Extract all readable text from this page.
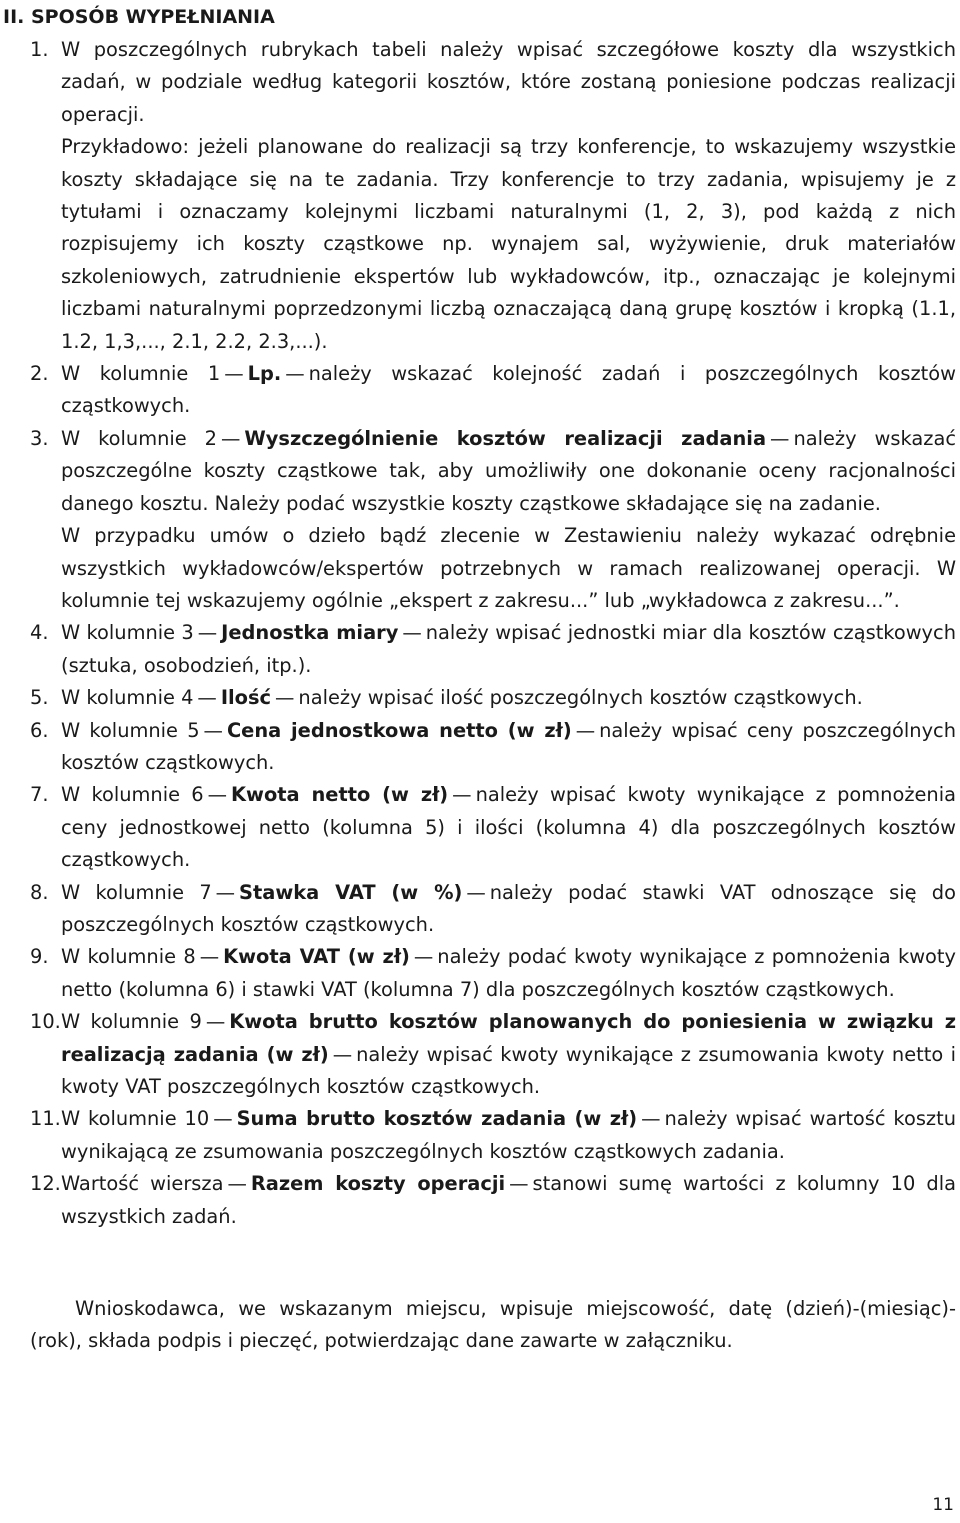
II. SPOSÓB WYPEŁNIANIA
1. W poszczególnych rubrykach tabeli należy wpisać szczegółowe koszty dla wszystkich zadań, w podziale według kategorii kosztów, które zostaną poniesione podczas realizacji operacji.

Przykładowo: jeżeli planowane do realizacji są trzy konferencje, to wskazujemy wszystkie koszty składające się na te zadania. Trzy konferencje to trzy zadania, wpisujemy je z tytułami i oznaczamy kolejnymi liczbami naturalnymi (1, 2, 3), pod każdą z nich rozpisujemy ich koszty cząstkowe np. wynajem sal, wyżywienie, druk materiałów szkoleniowych, zatrudnienie ekspertów lub wykładowców, itp., oznaczając je kolejnymi liczbami naturalnymi poprzedzonymi liczbą oznaczającą daną grupę kosztów i kropką (1.1, 1.2, 1,3,..., 2.1, 2.2, 2.3,...).

2. W kolumnie 1 — Lp. — należy wskazać kolejność zadań i poszczególnych kosztów cząstkowych.

3. W kolumnie 2 — Wyszczególnienie kosztów realizacji zadania — należy wskazać poszczególne koszty cząstkowe tak, aby umożliwiły one dokonanie oceny racjonalności danego kosztu. Należy podać wszystkie koszty cząstkowe składające się na zadanie.

W przypadku umów o dzieło bądź zlecenie w Zestawieniu należy wykazać odrębnie wszystkich wykładowców/ekspertów potrzebnych w ramach realizowanej operacji. W kolumnie tej wskazujemy ogólnie „ekspert z zakresu...” lub „wykładowca z zakresu...”.

4. W kolumnie 3 — Jednostka miary — należy wpisać jednostki miar dla kosztów cząstkowych (sztuka, osobodzień, itp.).

5. W kolumnie 4 — Ilość — należy wpisać ilość poszczególnych kosztów cząstkowych.

6. W kolumnie 5 — Cena jednostkowa netto (w zł) — należy wpisać ceny poszczególnych kosztów cząstkowych.

7. W kolumnie 6 — Kwota netto (w zł) — należy wpisać kwoty wynikające z pomnożenia ceny jednostkowej netto (kolumna 5) i ilości (kolumna 4) dla poszczególnych kosztów cząstkowych.

8. W kolumnie 7 — Stawka VAT (w %) — należy podać stawki VAT odnoszące się do poszczególnych kosztów cząstkowych.

9. W kolumnie 8 — Kwota VAT (w zł) — należy podać kwoty wynikające z pomnożenia kwoty netto (kolumna 6) i stawki VAT (kolumna 7) dla poszczególnych kosztów cząstkowych.

10. W kolumnie 9 — Kwota brutto kosztów planowanych do poniesienia w związku z realizacją zadania (w zł) — należy wpisać kwoty wynikające z zsumowania kwoty netto i kwoty VAT poszczególnych kosztów cząstkowych.

11. W kolumnie 10 — Suma brutto kosztów zadania (w zł) — należy wpisać wartość kosztu wynikającą ze zsumowania poszczególnych kosztów cząstkowych zadania.

12. Wartość wiersza — Razem koszty operacji — stanowi sumę wartości z kolumny 10 dla wszystkich zadań.

Wnioskodawca, we wskazanym miejscu, wpisuje miejscowość, datę (dzień)-(miesiąc)-(rok), składa podpis i pieczęć, potwierdzając dane zawarte w załączniku.

11
